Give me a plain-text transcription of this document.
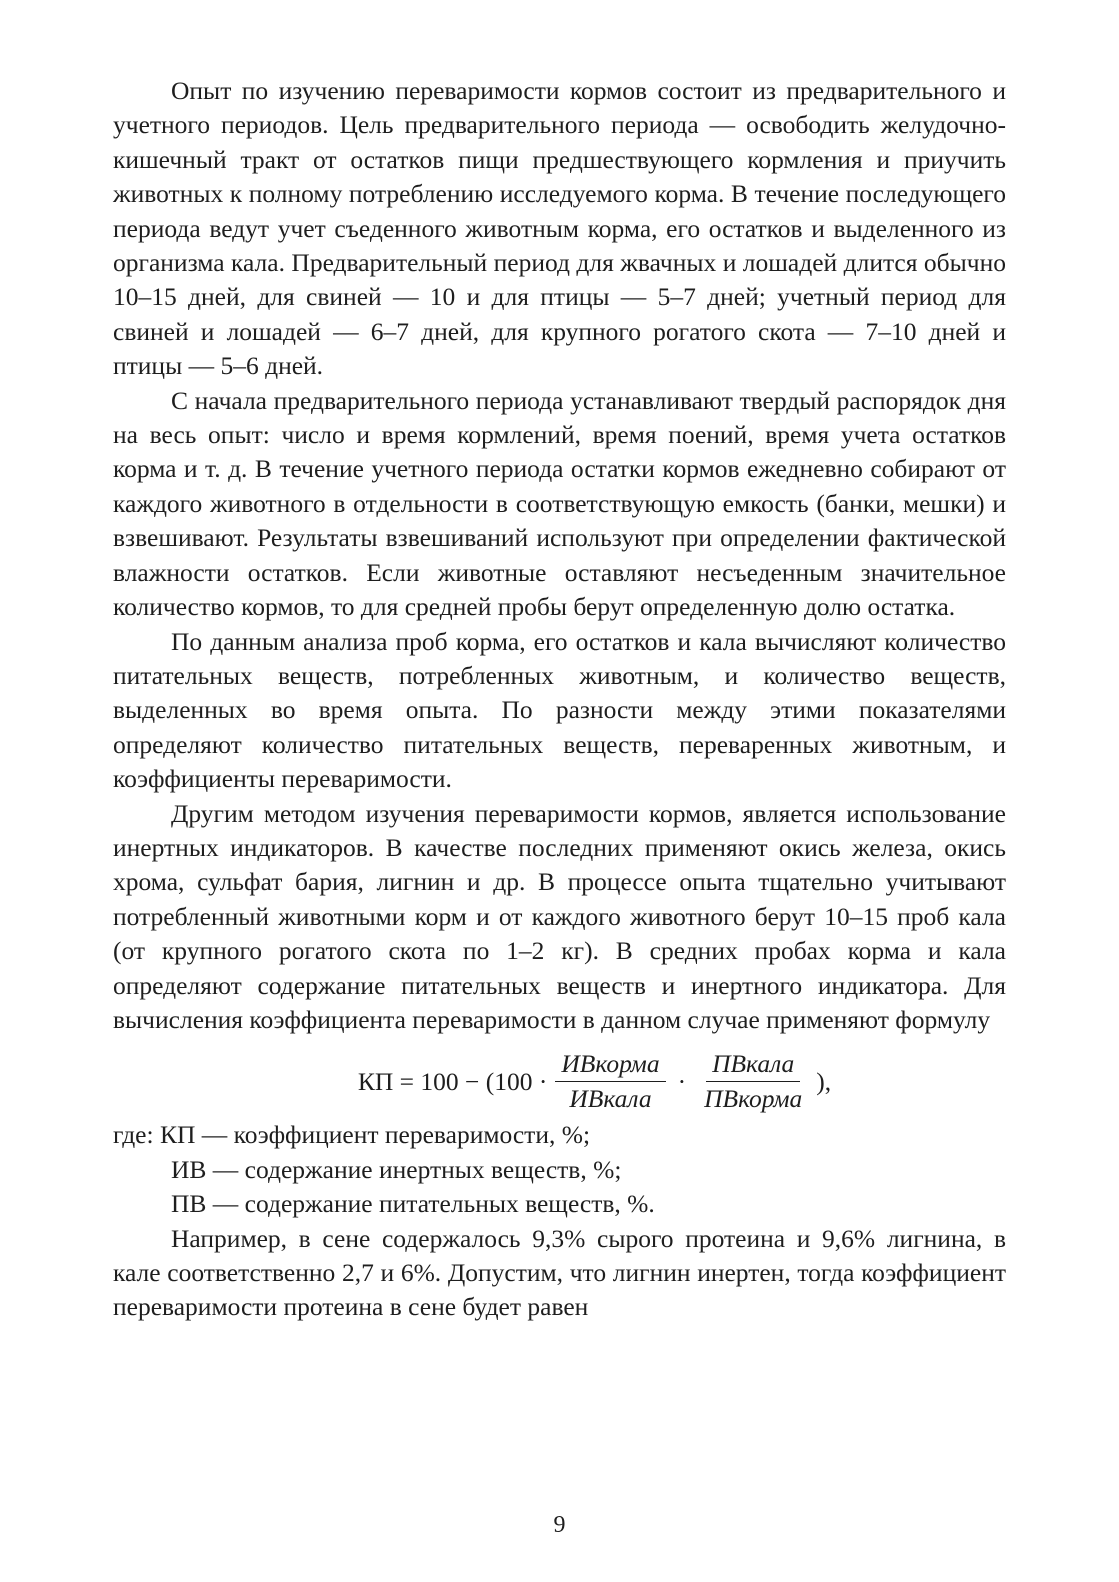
Опыт по изучению переваримости кормов состоит из предварительного и учетного периодов. Цель предварительного периода — освободить желудочно-кишечный тракт от остатков пищи предшествующего кормления и приучить животных к полному потреблению исследуемого корма. В течение последующего периода ведут учет съеденного животным корма, его остатков и выделенного из организма кала. Предварительный период для жвачных и лошадей длится обычно 10–15 дней, для свиней — 10 и для птицы — 5–7 дней; учетный период для свиней и лошадей — 6–7 дней, для крупного рогатого скота — 7–10 дней и птицы — 5–6 дней.

С начала предварительного периода устанавливают твердый распорядок дня на весь опыт: число и время кормлений, время поений, время учета остатков корма и т. д. В течение учетного периода остатки кормов ежедневно собирают от каждого животного в отдельности в соответствующую емкость (банки, мешки) и взвешивают. Результаты взвешиваний используют при определении фактической влажности остатков. Если животные оставляют несъеденным значительное количество кормов, то для средней пробы берут определенную долю остатка.

По данным анализа проб корма, его остатков и кала вычисляют количество питательных веществ, потребленных животным, и количество веществ, выделенных во время опыта. По разности между этими показателями определяют количество питательных веществ, переваренных животным, и коэффициенты переваримости.

Другим методом изучения переваримости кормов, является использование инертных индикаторов. В качестве последних применяют окись железа, окись хрома, сульфат бария, лигнин и др. В процессе опыта тщательно учитывают потребленный животными корм и от каждого животного берут 10–15 проб кала (от крупного рогатого скота по 1–2 кг). В средних пробах корма и кала определяют содержание питательных веществ и инертного индикатора. Для вычисления коэффициента переваримости в данном случае применяют формулу

КП = $100 - (100 \cdot \frac{\text{ИВкорма}}{\text{ИВкала}} \cdot \frac{\text{ПВкала}}{\text{ПВкорма}}$ ),

где: КП — коэффициент переваримости, %;

ИВ — содержание инертных веществ, %;

ПВ — содержание питательных веществ, %.

Например, в сене содержалось 9,3% сырого протеина и 9,6% лигнина, в кале соответственно 2,7 и 6%. Допустим, что лигнин инертен, тогда коэффициент переваримости протеина в сене будет равен

9
